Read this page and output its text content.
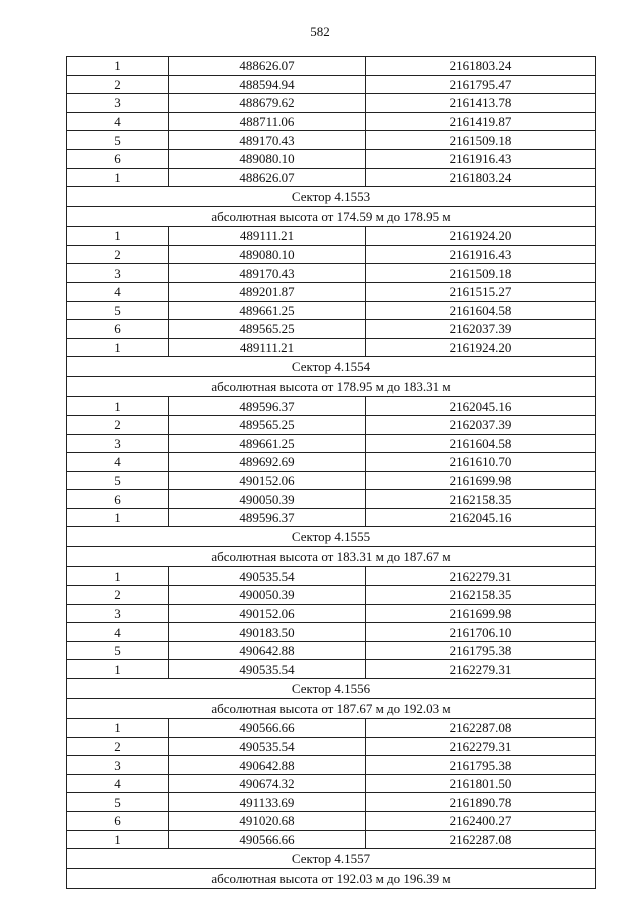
582
1	488626.07	2161803.24
2	488594.94	2161795.47
3	488679.62	2161413.78
4	488711.06	2161419.87
5	489170.43	2161509.18
6	489080.10	2161916.43
1	488626.07	2161803.24
Сектор 4.1553		
абсолютная высота от 174.59 м до 178.95 м		
1	489111.21	2161924.20
2	489080.10	2161916.43
3	489170.43	2161509.18
4	489201.87	2161515.27
5	489661.25	2161604.58
6	489565.25	2162037.39
1	489111.21	2161924.20
Сектор 4.1554		
абсолютная высота от 178.95 м до 183.31 м		
1	489596.37	2162045.16
2	489565.25	2162037.39
3	489661.25	2161604.58
4	489692.69	2161610.70
5	490152.06	2161699.98
6	490050.39	2162158.35
1	489596.37	2162045.16
Сектор 4.1555		
абсолютная высота от 183.31 м до 187.67 м		
1	490535.54	2162279.31
2	490050.39	2162158.35
3	490152.06	2161699.98
4	490183.50	2161706.10
5	490642.88	2161795.38
1	490535.54	2162279.31
Сектор 4.1556		
абсолютная высота от 187.67 м до 192.03 м		
1	490566.66	2162287.08
2	490535.54	2162279.31
3	490642.88	2161795.38
4	490674.32	2161801.50
5	491133.69	2161890.78
6	491020.68	2162400.27
1	490566.66	2162287.08
Сектор 4.1557		
абсолютная высота от 192.03 м до 196.39 м		
